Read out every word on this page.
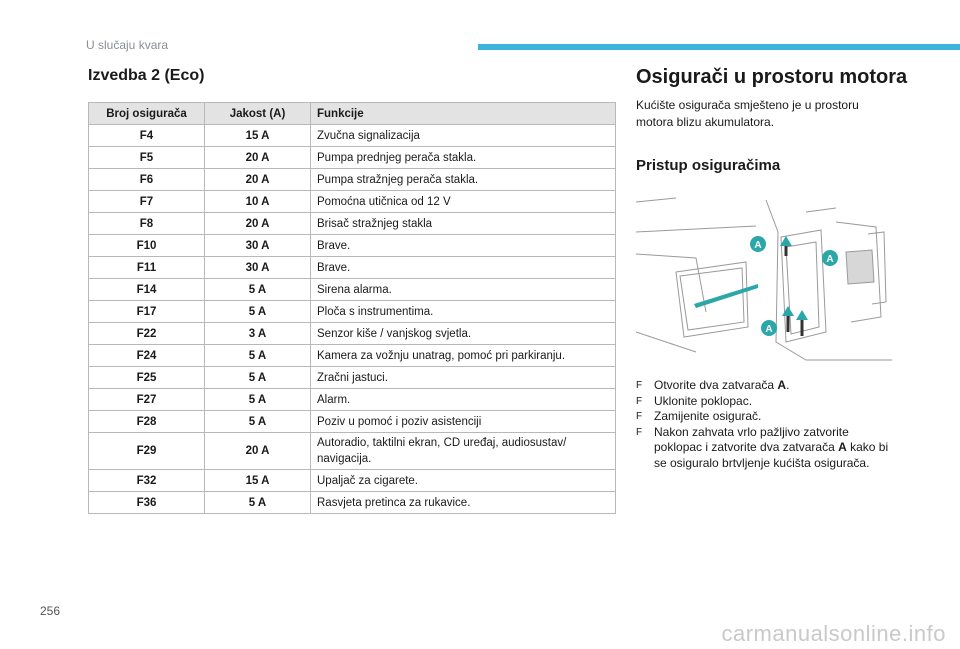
U slučaju kvara
Izvedba 2 (Eco)
Broj osigurača	Jakost (A)	Funkcije
F4	15 A	Zvučna signalizacija
F5	20 A	Pumpa prednjeg perača stakla.
F6	20 A	Pumpa stražnjeg perača stakla.
F7	10 A	Pomoćna utičnica od 12 V
F8	20 A	Brisač stražnjeg stakla
F10	30 A	Brave.
F11	30 A	Brave.
F14	5 A	Sirena alarma.
F17	5 A	Ploča s instrumentima.
F22	3 A	Senzor kiše / vanjskog svjetla.
F24	5 A	Kamera za vožnju unatrag, pomoć pri parkiranju.
F25	5 A	Zračni jastuci.
F27	5 A	Alarm.
F28	5 A	Poziv u pomoć i poziv asistenciji
F29	20 A	Autoradio, taktilni ekran, CD uređaj, audiosustav/ navigacija.
F32	15 A	Upaljač za cigarete.
F36	5 A	Rasvjeta pretinca za rukavice.
Osigurači u prostoru motora
Kućište osigurača smješteno je u prostoru motora blizu akumulatora.
Pristup osiguračima
A
A
A
F Otvorite dva zatvarača A.
F Uklonite poklopac.
F Zamijenite osigurač.
F Nakon zahvata vrlo pažljivo zatvorite poklopac i zatvorite dva zatvarača A kako bi se osiguralo brtvljenje kućišta osigurača.
256
carmanualsonline.info
